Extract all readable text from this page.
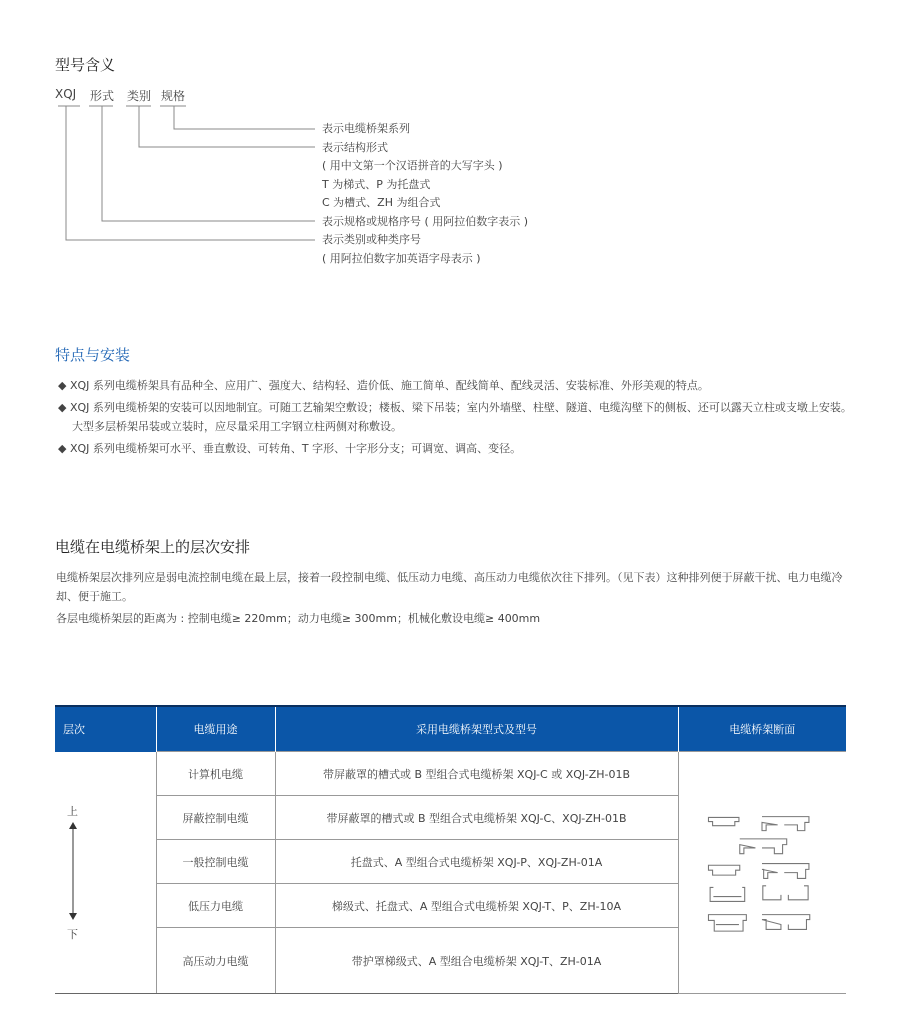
型号含义
XQJ 形式 类别 规格
表示电缆桥架系列
表示结构形式
( 用中文第一个汉语拼音的大写字头 )
T 为梯式、P 为托盘式
C 为槽式、ZH 为组合式
表示规格或规格序号 ( 用阿拉伯数字表示 )
表示类别或种类序号
( 用阿拉伯数字加英语字母表示 )
特点与安装
◆ XQJ 系列电缆桥架具有品种全、应用广、强度大、结构轻、造价低、施工简单、配线简单、配线灵活、安装标准、外形美观的特点。
◆ XQJ 系列电缆桥架的安装可以因地制宜。可随工艺输架空敷设；楼板、梁下吊装；室内外墙壁、柱壁、隧道、电缆沟壁下的侧板、还可以露天立柱或支墩上安装。大型多层桥架吊装或立装时，应尽量采用工字钢立柱两侧对称敷设。
◆ XQJ 系列电缆桥架可水平、垂直敷设、可转角、T 字形、十字形分支；可调宽、调高、变径。
电缆在电缆桥架上的层次安排
电缆桥架层次排列应是弱电流控制电缆在最上层，接着一段控制电缆、低压动力电缆、高压动力电缆依次往下排列。（见下表）这种排列便于屏蔽干扰、电力电缆冷却、便于施工。
各层电缆桥架层的距离为 : 控制电缆≥ 220mm；动力电缆≥ 300mm；机械化敷设电缆≥ 400mm
层次	电缆用途	采用电缆桥架型式及型号	电缆桥架断面

上
下	计算机电缆	带屏蔽罩的槽式或 B 型组合式电缆桥架 XQJ-C 或 XQJ-ZH-01B	
	屏蔽控制电缆	带屏蔽罩的槽式或 B 型组合式电缆桥架 XQJ-C、XQJ-ZH-01B	
	一般控制电缆	托盘式、A 型组合式电缆桥架 XQJ-P、XQJ-ZH-01A	
	低压力电缆	梯级式、托盘式、A 型组合式电缆桥架 XQJ-T、P、ZH-10A	
	高压动力电缆	带护罩梯级式、A 型组合电缆桥架 XQJ-T、ZH-01A	
